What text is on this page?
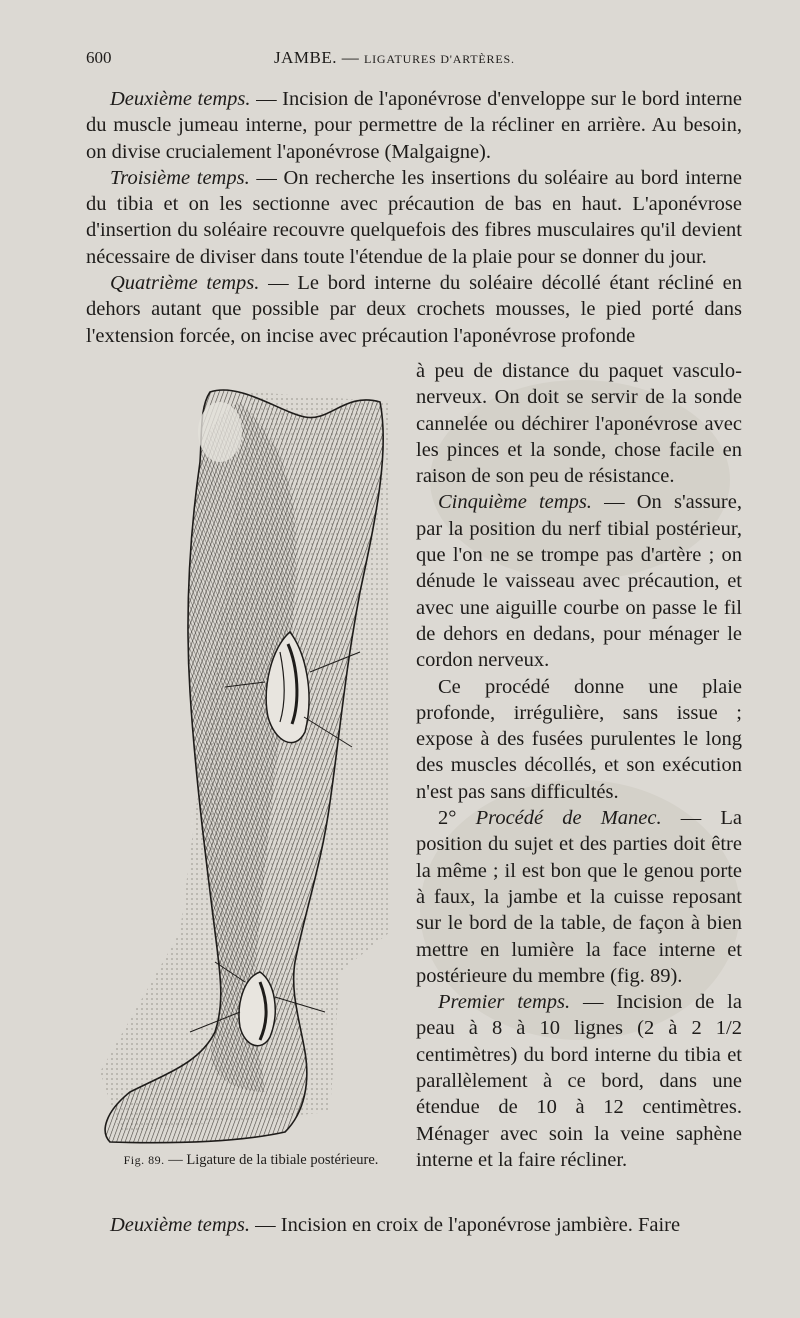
600	JAMBE. — LIGATURES D'ARTÈRES.

Deuxième temps. — Incision de l'aponévrose d'enveloppe sur le bord interne du muscle jumeau interne, pour permettre de la récliner en arrière. Au besoin, on divise crucialement l'aponévrose (Malgaigne).

Troisième temps. — On recherche les insertions du soléaire au bord interne du tibia et on les sectionne avec précaution de bas en haut. L'aponévrose d'insertion du soléaire recouvre quelquefois des fibres musculaires qu'il devient nécessaire de diviser dans toute l'étendue de la plaie pour se donner du jour.

Quatrième temps. — Le bord interne du soléaire décollé étant récliné en dehors autant que possible par deux crochets mousses, le pied porté dans l'extension forcée, on incise avec précaution l'aponévrose profonde

à peu de distance du paquet vasculo-nerveux. On doit se servir de la sonde cannelée ou déchirer l'aponévrose avec les pinces et la sonde, chose facile en raison de son peu de résistance.

Cinquième temps. — On s'assure, par la position du nerf tibial postérieur, que l'on ne se trompe pas d'artère ; on dénude le vaisseau avec précaution, et avec une aiguille courbe on passe le fil de dehors en dedans, pour ménager le cordon nerveux.

Ce procédé donne une plaie profonde, irrégulière, sans issue ; expose à des fusées purulentes le long des muscles décollés, et son exécution n'est pas sans difficultés.

2° Procédé de Manec. — La position du sujet et des parties doit être la même ; il est bon que le genou porte à faux, la jambe et la cuisse reposant sur le bord de la table, de façon à bien mettre en lumière la face interne et postérieure du membre (fig. 89).

Premier temps. — Incision de la peau à 8 à 10 lignes (2 à 2 1/2 centimètres) du bord interne du tibia et parallèlement à ce bord, dans une étendue de 10 à 12 centimètres. Ménager avec soin la veine saphène interne et la faire récliner.

Fig. 89. — Ligature de la tibiale postérieure.
Deuxième temps. — Incision en croix de l'aponévrose jambière. Faire
